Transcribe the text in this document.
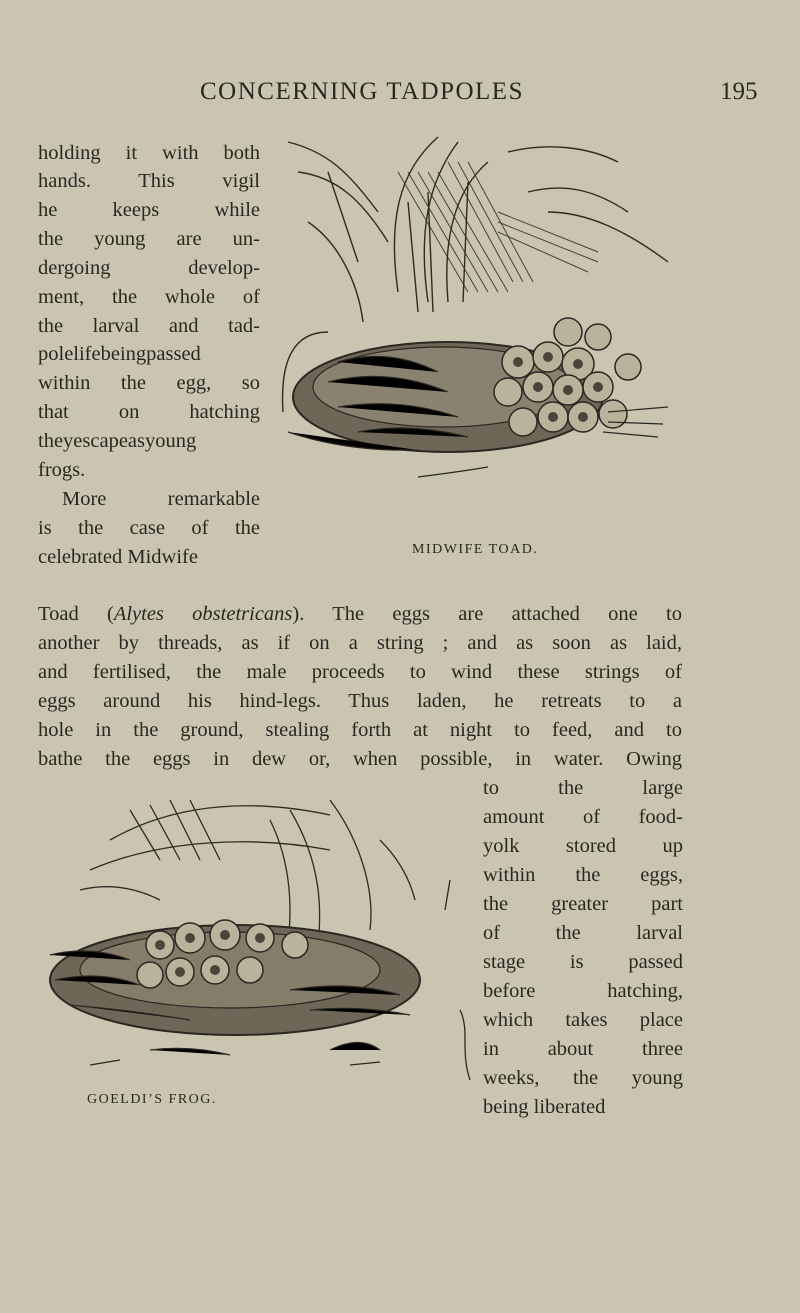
CONCERNING TADPOLES	195
holding it with both
hands. This vigil
he keeps while
the young are un-
dergoing develop-
ment, the whole of
the larval and tad-
polelifebeingpassed
within the egg, so
that on hatching
theyescapeasyoung
frogs.
More remarkable
is the case of the
celebrated Midwife	MIDWIFE TOAD.
Toad (Alytes obstetricans). The eggs are attached one to
another by threads, as if on a string ; and as soon as laid,
and fertilised, the male proceeds to wind these strings of
eggs around his hind-legs. Thus laden, he retreats to a
hole in the ground, stealing forth at night to feed, and to
bathe the eggs in dew or, when possible, in water. Owing
to the large
amount of food-
yolk stored up
within the eggs,
the greater part
of the larval
stage is passed
before hatching,
which takes place
in about three
weeks, the young
being liberated
GOELDI’S FROG.
